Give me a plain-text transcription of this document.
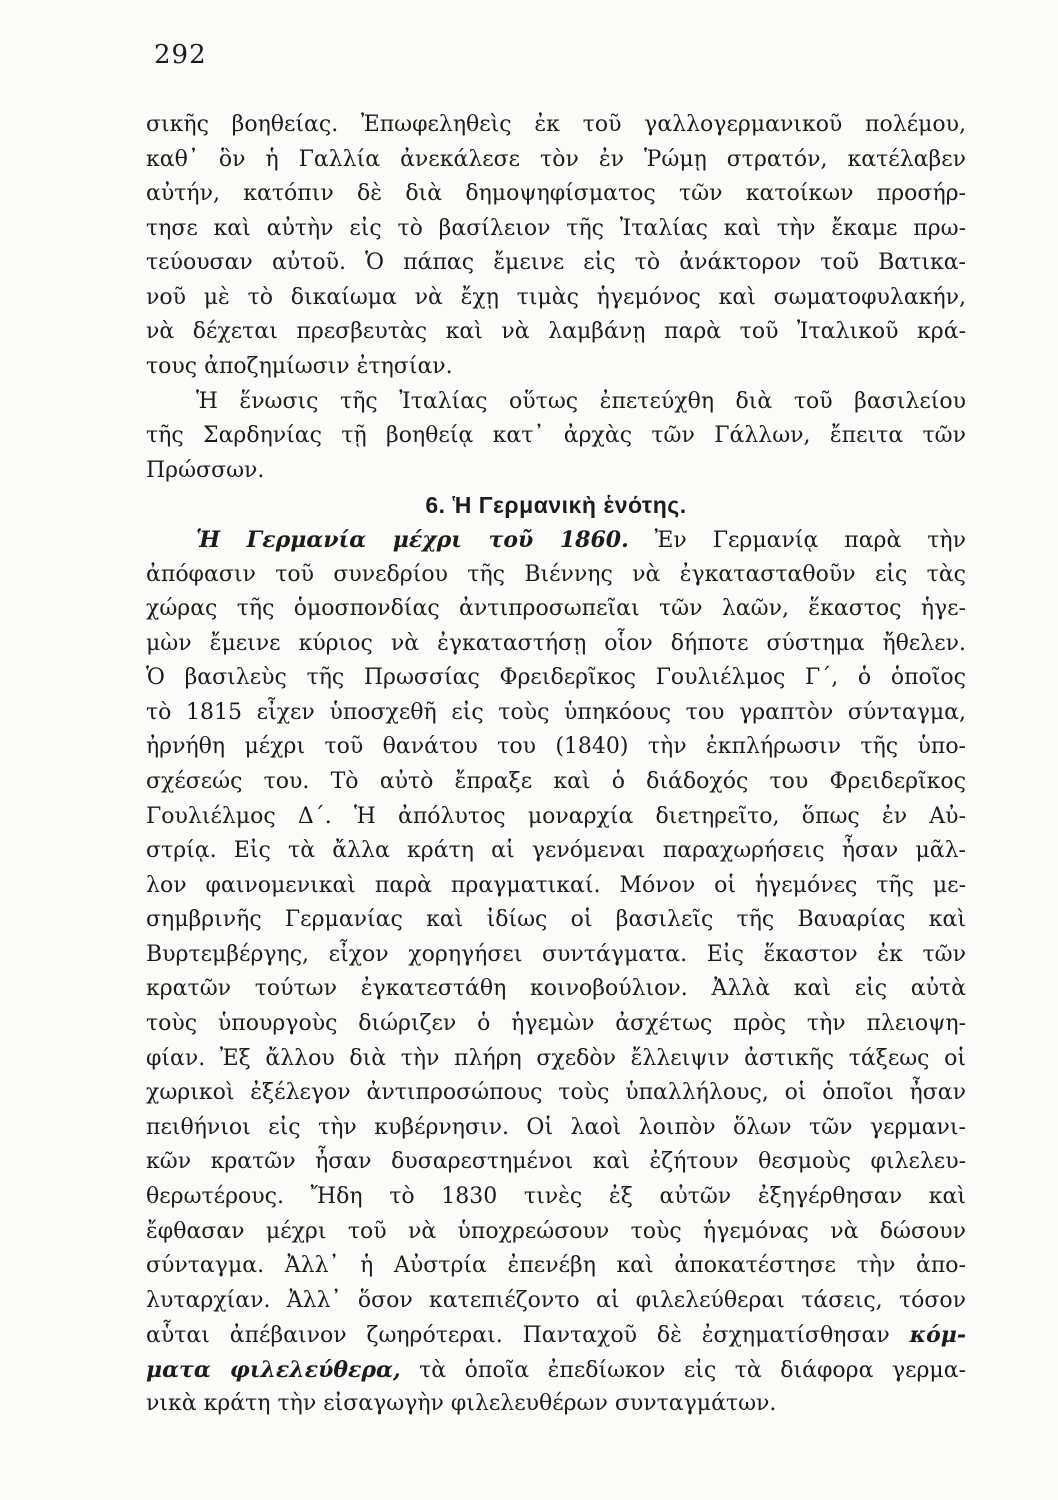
292
σικῆς βοηθείας. Ἐπωφεληθεὶς ἐκ τοῦ γαλλογερμανικοῦ πολέμου,
καθ᾽ ὃν ἡ Γαλλία ἀνεκάλεσε τὸν ἐν Ῥώμῃ στρατόν, κατέλαβεν
αὐτήν, κατόπιν δὲ διὰ δημοψηφίσματος τῶν κατοίκων προσήρ-
τησε καὶ αὐτὴν εἰς τὸ βασίλειον τῆς Ἰταλίας καὶ τὴν ἔκαμε πρω-
τεύουσαν αὐτοῦ. Ὁ πάπας ἔμεινε εἰς τὸ ἀνάκτορον τοῦ Βατικα-
νοῦ μὲ τὸ δικαίωμα νὰ ἔχῃ τιμὰς ἡγεμόνος καὶ σωματοφυλακήν,
νὰ δέχεται πρεσβευτὰς καὶ νὰ λαμβάνῃ παρὰ τοῦ Ἰταλικοῦ κρά-
τους ἀποζημίωσιν ἐτησίαν.
Ἡ ἕνωσις τῆς Ἰταλίας οὕτως ἐπετεύχθη διὰ τοῦ βασιλείου
τῆς Σαρδηνίας τῇ βοηθείᾳ κατ᾽ ἀρχὰς τῶν Γάλλων, ἔπειτα τῶν
Πρώσσων.
6. Ἡ Γερμανικὴ ἑνότης.
Ἡ Γερμανία μέχρι τοῦ 1860. Ἐν Γερμανίᾳ παρὰ τὴν
ἀπόφασιν τοῦ συνεδρίου τῆς Βιέννης νὰ ἐγκατασταθοῦν εἰς τὰς
χώρας τῆς ὁμοσπονδίας ἀντιπροσωπεῖαι τῶν λαῶν, ἕκαστος ἡγε-
μὼν ἔμεινε κύριος νὰ ἐγκαταστήσῃ οἷον δήποτε σύστημα ἤθελεν.
Ὁ βασιλεὺς τῆς Πρωσσίας Φρειδερῖκος Γουλιέλμος Γ΄, ὁ ὁποῖος
τὸ 1815 εἶχεν ὑποσχεθῆ εἰς τοὺς ὑπηκόους του γραπτὸν σύνταγμα,
ἠρνήθη μέχρι τοῦ θανάτου του (1840) τὴν ἐκπλήρωσιν τῆς ὑπο-
σχέσεώς του. Τὸ αὐτὸ ἔπραξε καὶ ὁ διάδοχός του Φρειδερῖκος
Γουλιέλμος Δ΄. Ἡ ἀπόλυτος μοναρχία διετηρεῖτο, ὅπως ἐν Αὐ-
στρίᾳ. Εἰς τὰ ἄλλα κράτη αἱ γενόμεναι παραχωρήσεις ἦσαν μᾶλ-
λον φαινομενικαὶ παρὰ πραγματικαί. Μόνον οἱ ἡγεμόνες τῆς με-
σημβρινῆς Γερμανίας καὶ ἰδίως οἱ βασιλεῖς τῆς Βαυαρίας καὶ
Βυρτεμβέργης, εἶχον χορηγήσει συντάγματα. Εἰς ἕκαστον ἐκ τῶν
κρατῶν τούτων ἐγκατεστάθη κοινοβούλιον. Ἀλλὰ καὶ εἰς αὐτὰ
τοὺς ὑπουργοὺς διώριζεν ὁ ἡγεμὼν ἀσχέτως πρὸς τὴν πλειοψη-
φίαν. Ἐξ ἄλλου διὰ τὴν πλήρη σχεδὸν ἔλλειψιν ἀστικῆς τάξεως οἱ
χωρικοὶ ἐξέλεγον ἀντιπροσώπους τοὺς ὑπαλλήλους, οἱ ὁποῖοι ἦσαν
πειθήνιοι εἰς τὴν κυβέρνησιν. Οἱ λαοὶ λοιπὸν ὅλων τῶν γερμανι-
κῶν κρατῶν ἦσαν δυσαρεστημένοι καὶ ἐζήτουν θεσμοὺς φιλελευ-
θερωτέρους. Ἤδη τὸ 1830 τινὲς ἐξ αὐτῶν ἐξηγέρθησαν καὶ
ἔφθασαν μέχρι τοῦ νὰ ὑποχρεώσουν τοὺς ἡγεμόνας νὰ δώσουν
σύνταγμα. Ἀλλ᾽ ἡ Αὐστρία ἐπενέβη καὶ ἀποκατέστησε τὴν ἀπο-
λυταρχίαν. Ἀλλ᾽ ὅσον κατεπιέζοντο αἱ φιλελεύθεραι τάσεις, τόσον
αὗται ἀπέβαινον ζωηρότεραι. Πανταχοῦ δὲ ἐσχηματίσθησαν κόμ-
ματα φιλελεύθερα, τὰ ὁποῖα ἐπεδίωκον εἰς τὰ διάφορα γερμα-
νικὰ κράτη τὴν εἰσαγωγὴν φιλελευθέρων συνταγμάτων.
